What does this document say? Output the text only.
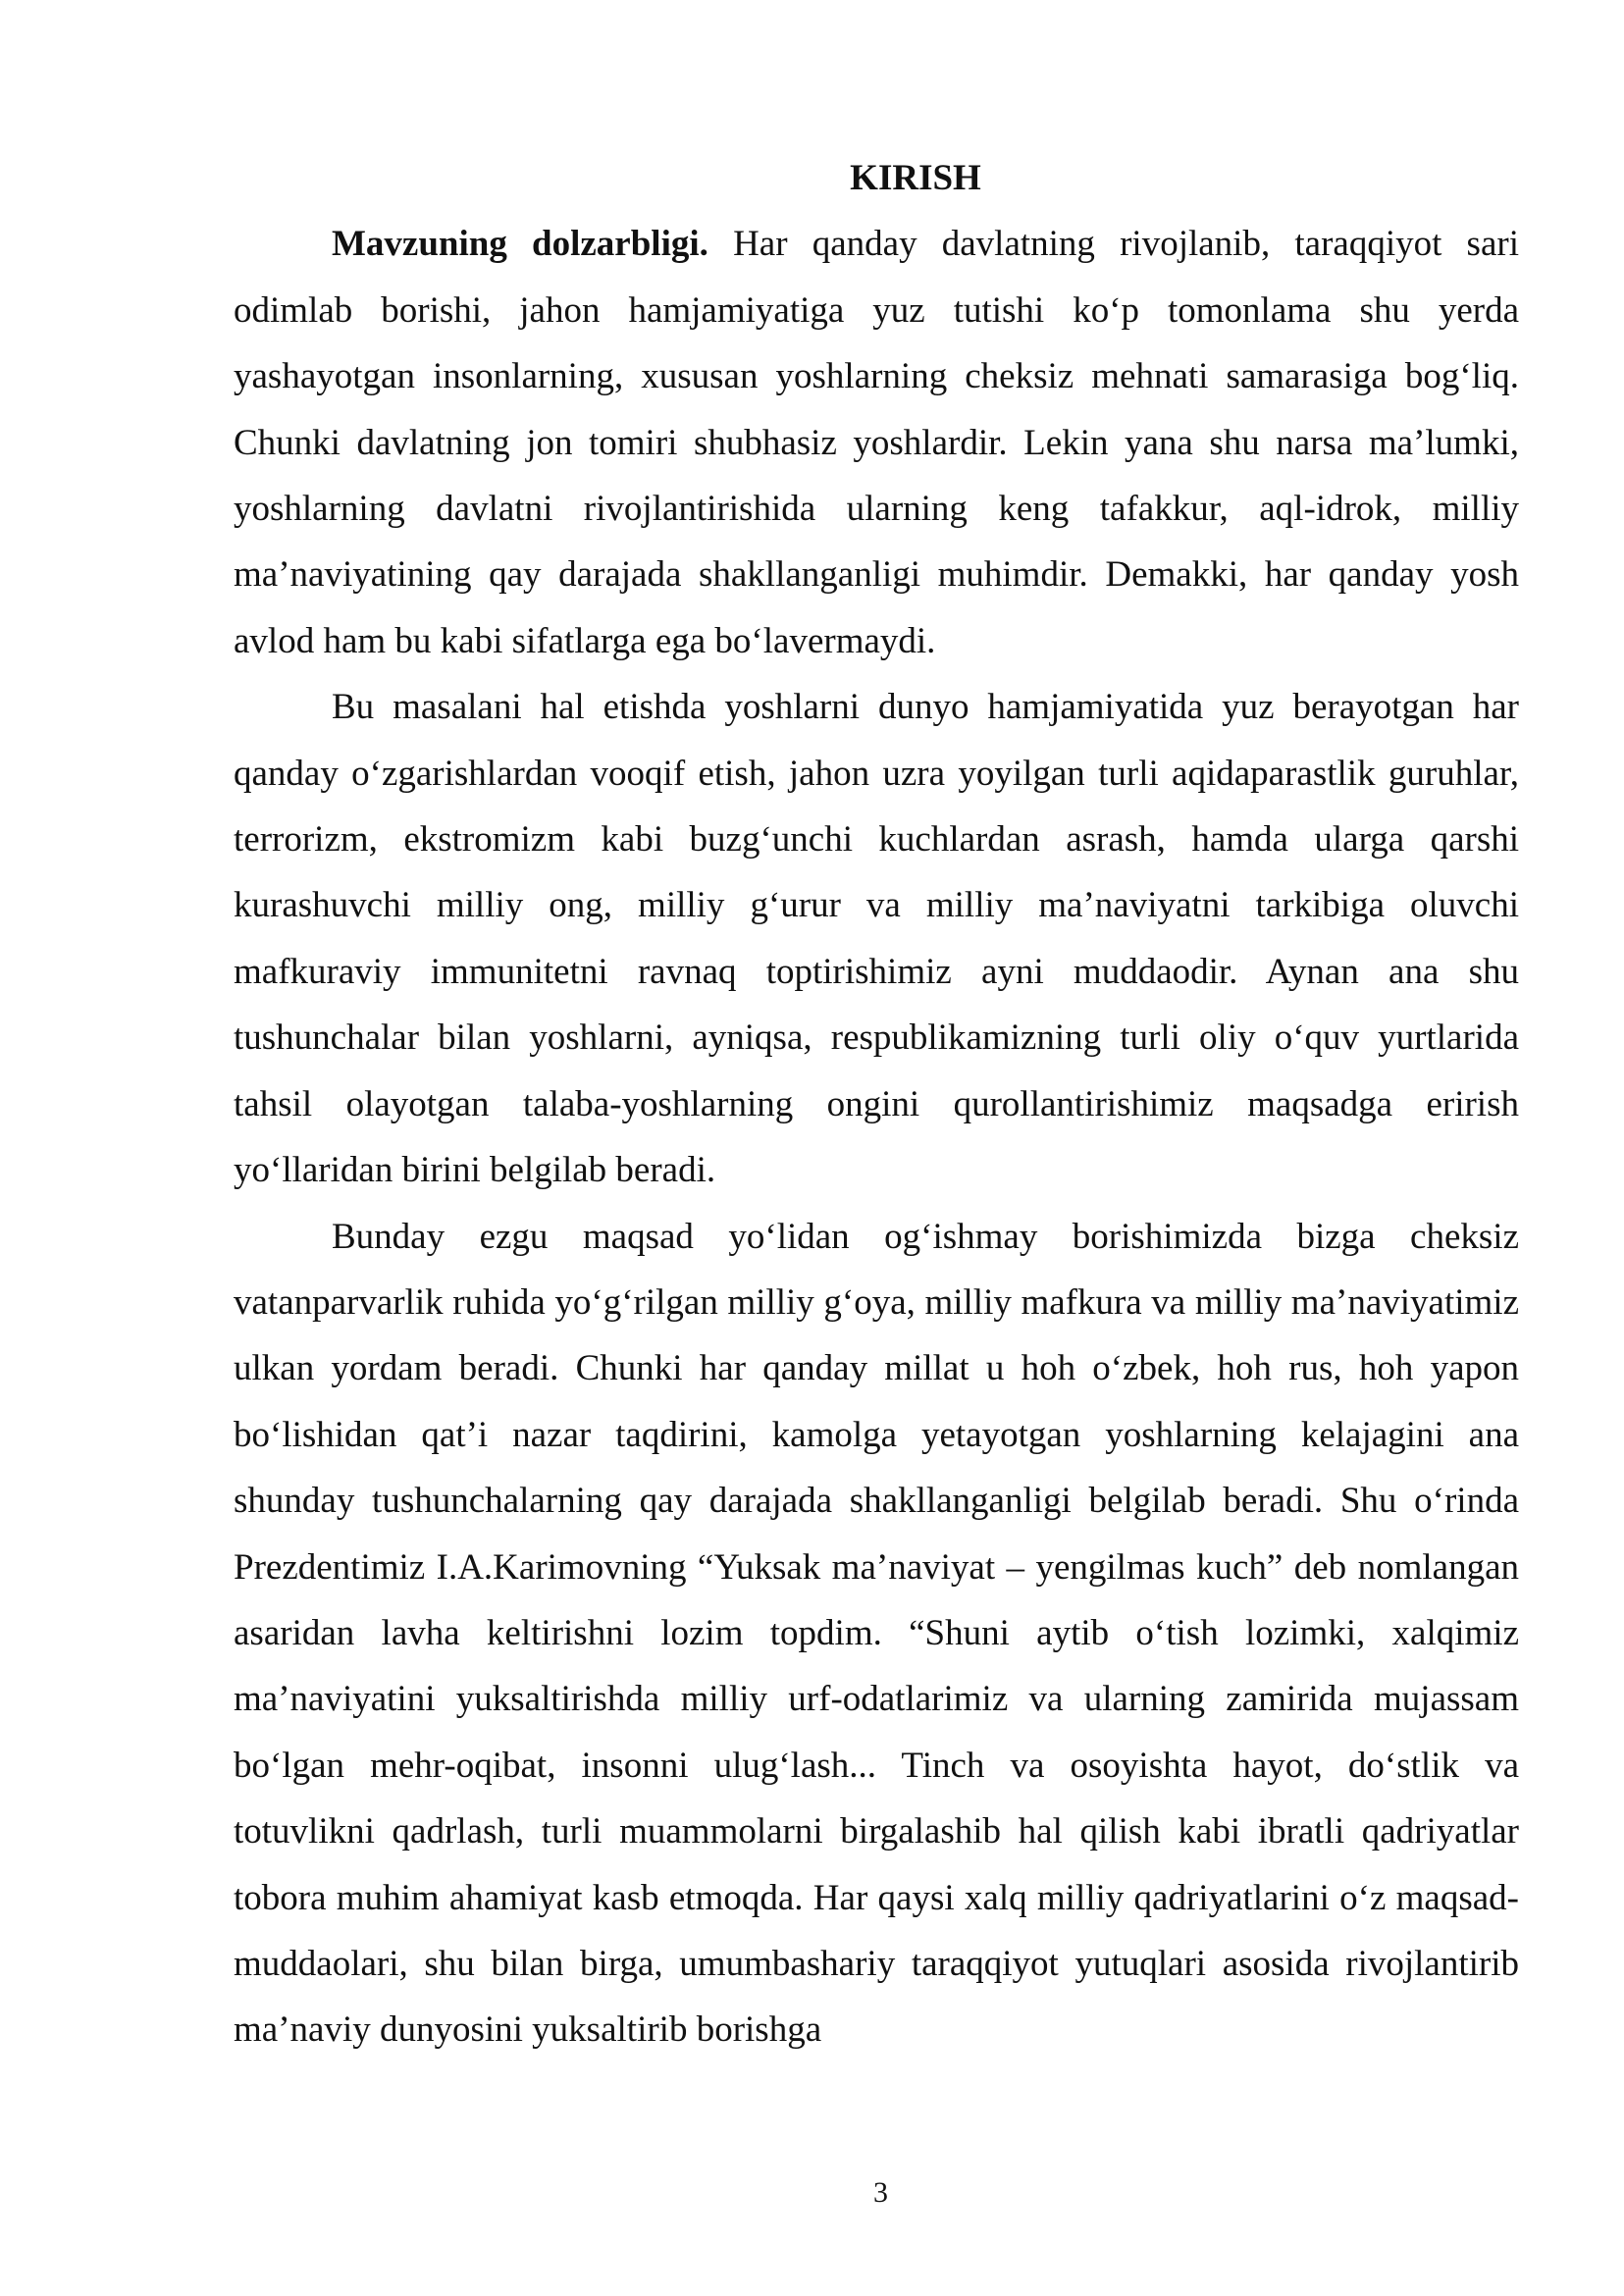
KIRISH

Mavzuning dolzarbligi. Har qanday davlatning rivojlanib, taraqqiyot sari odimlab borishi, jahon hamjamiyatiga yuz tutishi ko‘p tomonlama shu yerda yashayotgan insonlarning, xususan yoshlarning cheksiz mehnati samarasiga bog‘liq. Chunki davlatning jon tomiri shubhasiz yoshlardir. Lekin yana shu narsa ma’lumki, yoshlarning davlatni rivojlantirishida ularning keng tafakkur, aql-idrok, milliy ma’naviyatining qay darajada shakllanganligi muhimdir. Demakki, har qanday yosh avlod ham bu kabi sifatlarga ega bo‘lavermaydi.

Bu masalani hal etishda yoshlarni dunyo hamjamiyatida yuz berayotgan har qanday o‘zgarishlardan vooqif etish, jahon uzra yoyilgan turli aqidaparastlik guruhlar, terrorizm, ekstromizm kabi buzg‘unchi kuchlardan asrash, hamda ularga qarshi kurashuvchi milliy ong, milliy g‘urur va milliy ma’naviyatni tarkibiga oluvchi mafkuraviy immunitetni ravnaq toptirishimiz ayni muddaodir. Aynan ana shu tushunchalar bilan yoshlarni, ayniqsa, respublikamizning turli oliy o‘quv yurtlarida tahsil olayotgan talaba-yoshlarning ongini qurollantirishimiz maqsadga erirish yo‘llaridan birini belgilab beradi.

Bunday ezgu maqsad yo‘lidan og‘ishmay borishimizda bizga cheksiz vatanparvarlik ruhida yo‘g‘rilgan milliy g‘oya, milliy mafkura va milliy ma’naviyatimiz ulkan yordam beradi. Chunki har qanday millat u hoh o‘zbek, hoh rus, hoh yapon bo‘lishidan qat’i nazar taqdirini, kamolga yetayotgan yoshlarning kelajagini ana shunday tushunchalarning qay darajada shakllanganligi belgilab beradi. Shu o‘rinda Prezdentimiz I.A.Karimovning “Yuksak ma’naviyat – yengilmas kuch” deb nomlangan asaridan lavha keltirishni lozim topdim. “Shuni aytib o‘tish lozimki, xalqimiz ma’naviyatini yuksaltirishda milliy urf-odatlarimiz va ularning zamirida mujassam bo‘lgan mehr-oqibat, insonni ulug‘lash... Tinch va osoyishta hayot, do‘stlik va totuvlikni qadrlash, turli muammolarni birgalashib hal qilish kabi ibratli qadriyatlar tobora muhim ahamiyat kasb etmoqda. Har qaysi xalq milliy qadriyatlarini o‘z maqsad-muddaolari, shu bilan birga, umumbashariy taraqqiyot yutuqlari asosida rivojlantirib ma’naviy dunyosini yuksaltirib borishga

3
